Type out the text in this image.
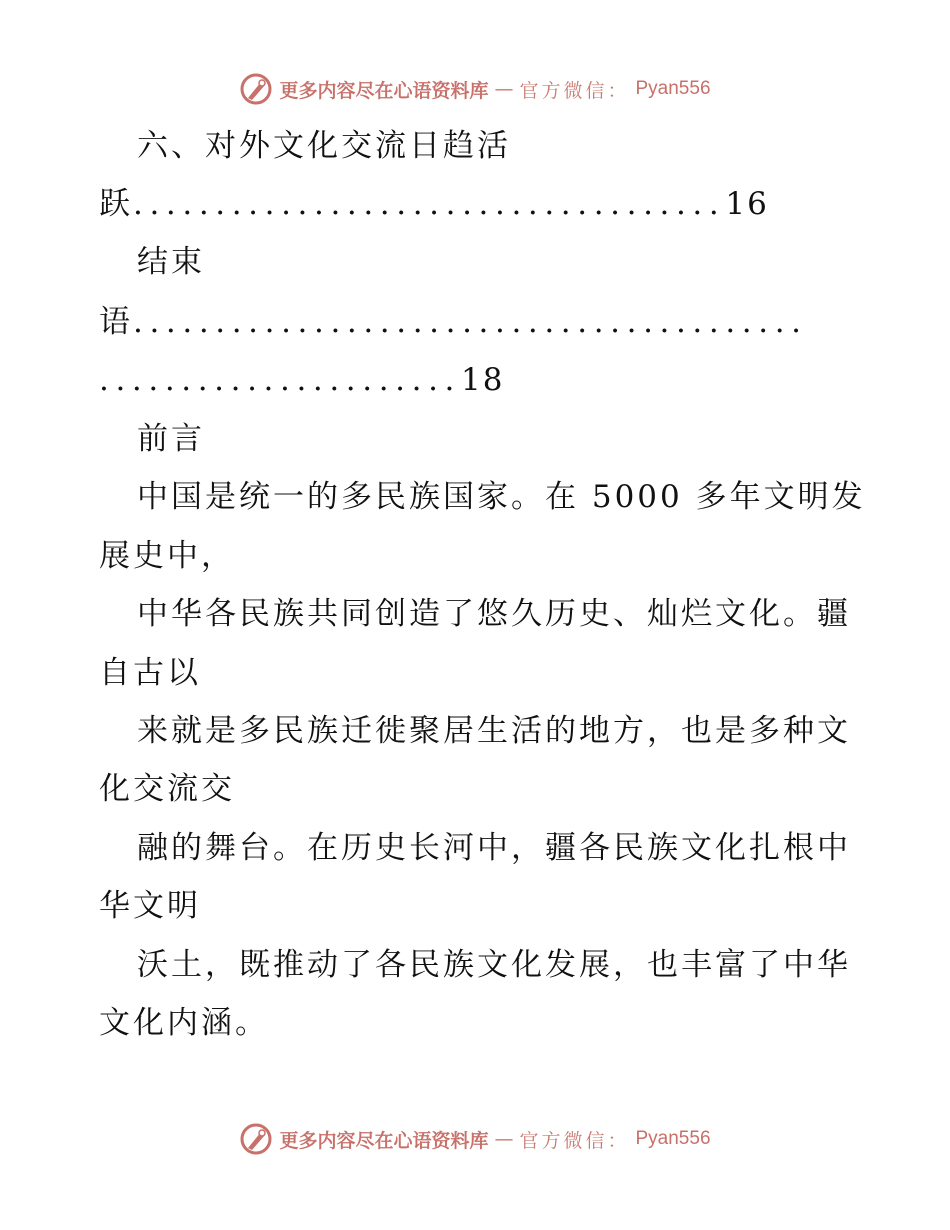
更多内容尽在心语资料库 — 官方微信： Pyan556
六、对外文化交流日趋活
跃....................................16
结束
语.........................................
......................18
前言
中国是统一的多民族国家。在 5000 多年文明发
展史中，
中华各民族共同创造了悠久历史、灿烂文化。疆
自古以
来就是多民族迁徙聚居生活的地方，也是多种文
化交流交
融的舞台。在历史长河中，疆各民族文化扎根中
华文明
沃土，既推动了各民族文化发展，也丰富了中华
文化内涵。
更多内容尽在心语资料库 — 官方微信： Pyan556
